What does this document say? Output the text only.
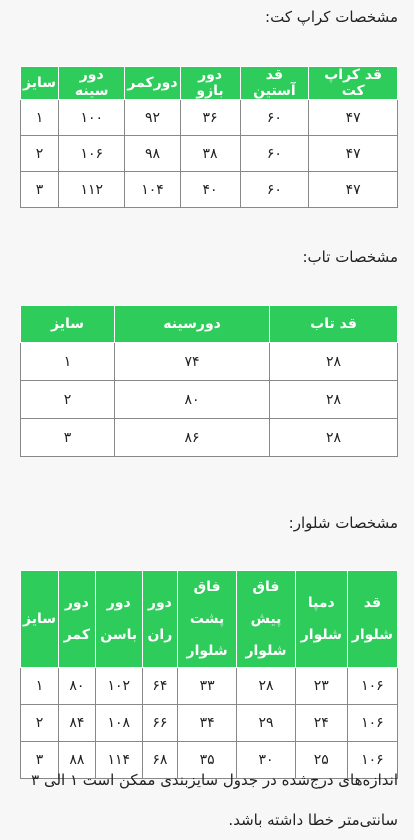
مشخصات کراپ کت:
قد کراپ کت	قد آستین	دور بازو	دورکمر	دور سینه	سایز
۴۷	۶۰	۳۶	۹۲	۱۰۰	۱
۴۷	۶۰	۳۸	۹۸	۱۰۶	۲
۴۷	۶۰	۴۰	۱۰۴	۱۱۲	۳
مشخصات تاب:
قد تاب	دورسینه	سایز
۲۸	۷۴	۱
۲۸	۸۰	۲
۲۸	۸۶	۳
مشخصات شلوار:
قد شلوار	دمپا شلوار	فاق پیش شلوار	فاق پشت شلوار	دور ران	دور باسن	دور کمر	سایز
۱۰۶	۲۳	۲۸	۳۳	۶۴	۱۰۲	۸۰	۱
۱۰۶	۲۴	۲۹	۳۴	۶۶	۱۰۸	۸۴	۲
۱۰۶	۲۵	۳۰	۳۵	۶۸	۱۱۴	۸۸	۳
اندازه‌های درج‌شده در جدول سایزبندی ممکن است ۱ الی ۳ سانتی‌متر خطا داشته باشد.
